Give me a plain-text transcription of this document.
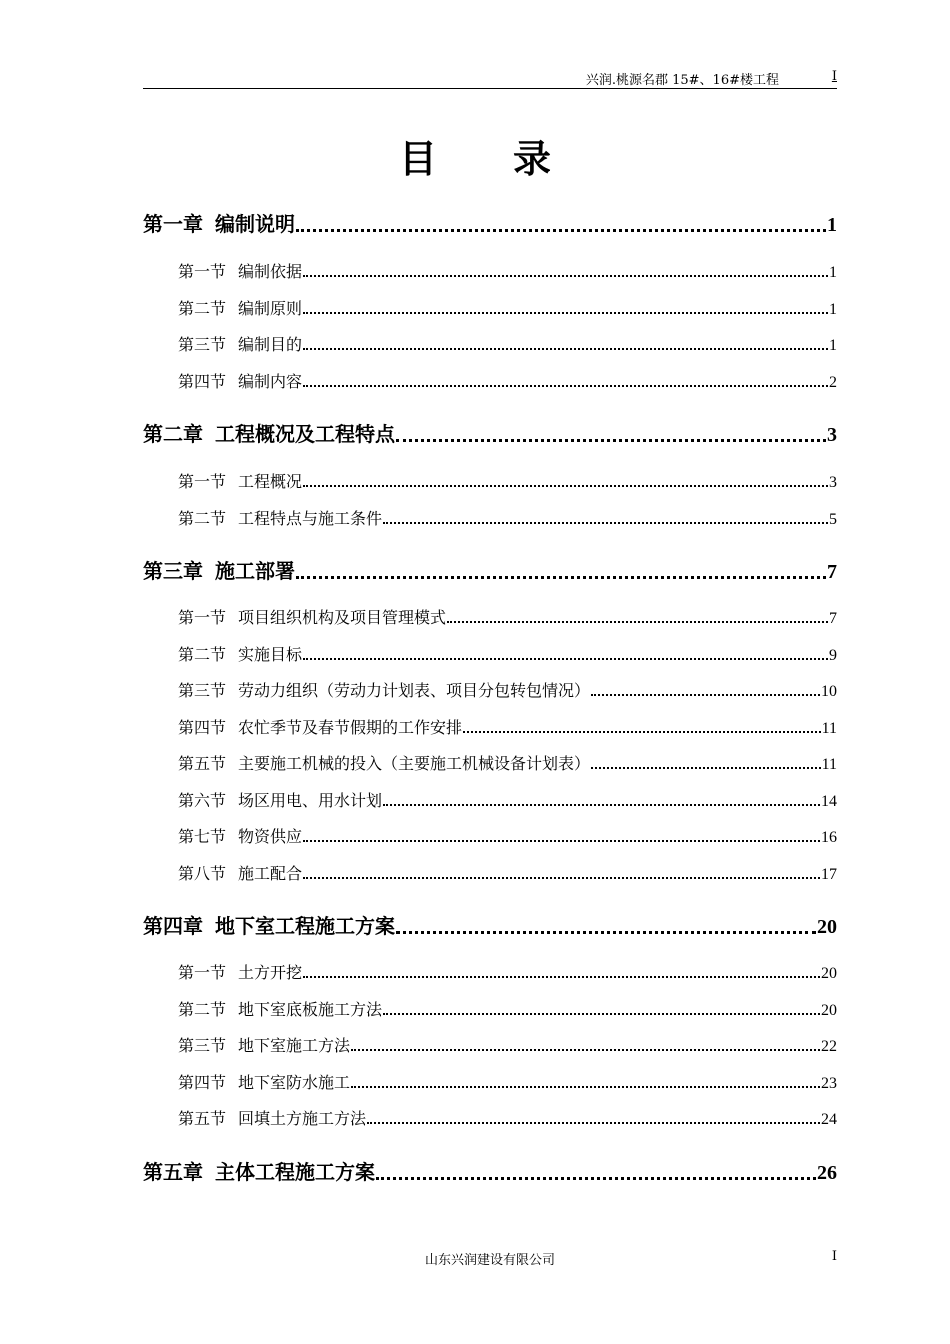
兴润.桃源名郡 15#、16#楼工程	I
目 录
第一章 编制说明	1
第一节 编制依据	1
第二节 编制原则	1
第三节 编制目的	1
第四节 编制内容	2
第二章 工程概况及工程特点	3
第一节 工程概况	3
第二节 工程特点与施工条件	5
第三章 施工部署	7
第一节 项目组织机构及项目管理模式	7
第二节 实施目标	9
第三节 劳动力组织（劳动力计划表、项目分包转包情况）	10
第四节 农忙季节及春节假期的工作安排	11
第五节 主要施工机械的投入（主要施工机械设备计划表）	11
第六节 场区用电、用水计划	14
第七节 物资供应	16
第八节 施工配合	17
第四章 地下室工程施工方案	20
第一节 土方开挖	20
第二节 地下室底板施工方法	20
第三节 地下室施工方法	22
第四节 地下室防水施工	23
第五节 回填土方施工方法	24
第五章 主体工程施工方案	26
山东兴润建设有限公司	I
